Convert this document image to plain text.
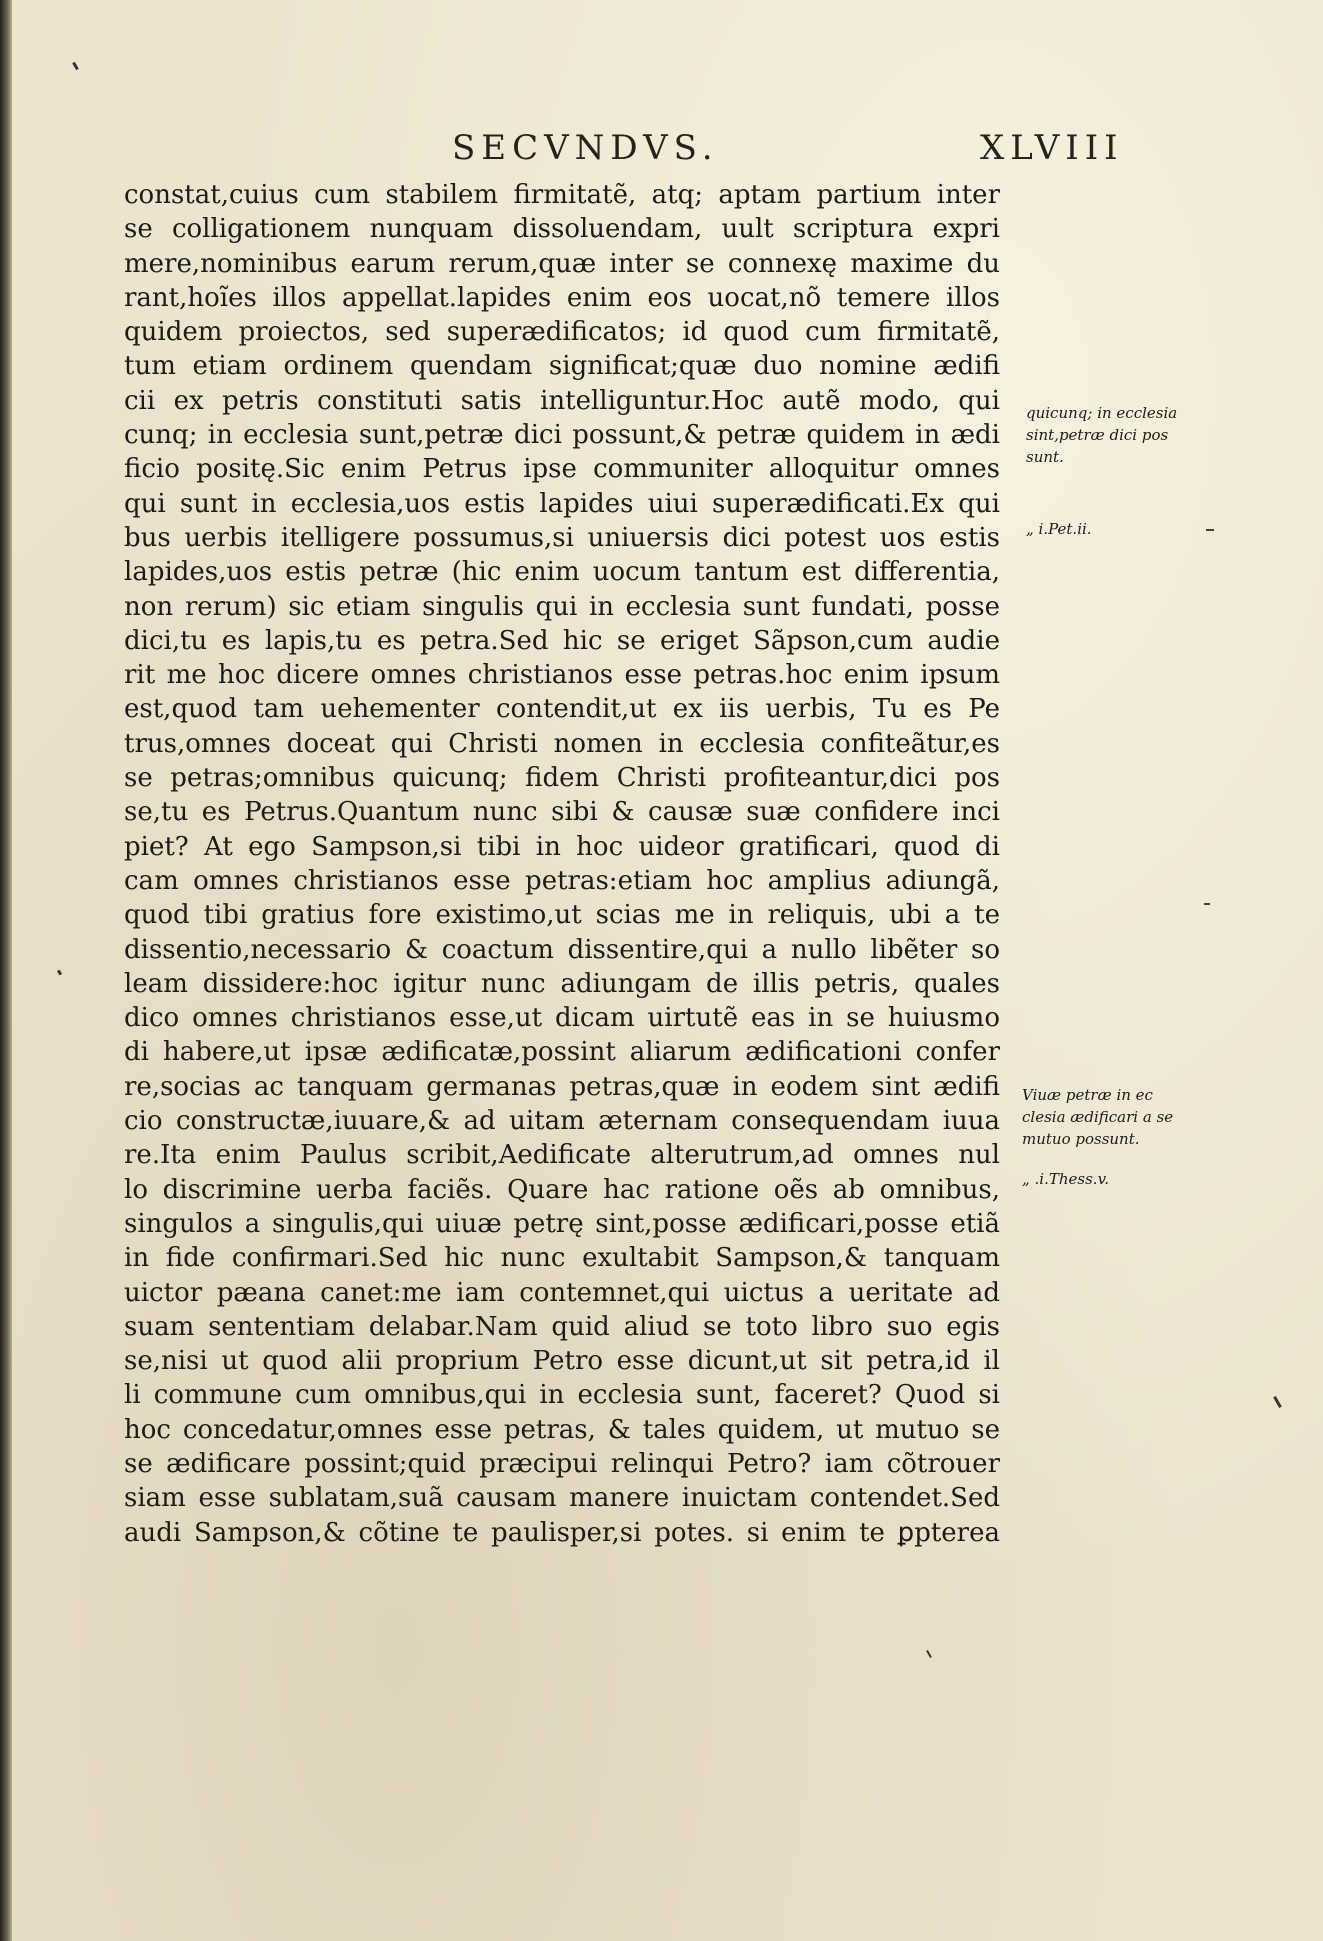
SECVNDVS.	XLVIII
constat,cuius cum stabilem firmitatẽ, atq; aptam partium inter
se colligationem nunquam dissoluendam, uult scriptura expri
mere,nominibus earum rerum,quæ inter se connexę maxime du
rant,hoĩes illos appellat.lapides enim eos uocat,nõ temere illos
quidem proiectos, sed superædificatos; id quod cum firmitatẽ,
tum etiam ordinem quendam significat;quæ duo nomine ædifi
cii ex petris constituti satis intelliguntur.Hoc autẽ modo, qui
cunq; in ecclesia sunt,petræ dici possunt,& petræ quidem in ædi
ficio positę.Sic enim Petrus ipse communiter alloquitur omnes
qui sunt in ecclesia,uos estis lapides uiui superædificati.Ex qui
bus uerbis itelligere possumus,si uniuersis dici potest uos estis
lapides,uos estis petræ (hic enim uocum tantum est differentia,
non rerum) sic etiam singulis qui in ecclesia sunt fundati, posse
dici,tu es lapis,tu es petra.Sed hic se eriget Sãpson,cum audie
rit me hoc dicere omnes christianos esse petras.hoc enim ipsum
est,quod tam uehementer contendit,ut ex iis uerbis, Tu es Pe
trus,omnes doceat qui Christi nomen in ecclesia confiteãtur,es
se petras;omnibus quicunq; fidem Christi profiteantur,dici pos
se,tu es Petrus.Quantum nunc sibi & causæ suæ confidere inci
piet? At ego Sampson,si tibi in hoc uideor gratificari, quod di
cam omnes christianos esse petras:etiam hoc amplius adiungã,
quod tibi gratius fore existimo,ut scias me in reliquis, ubi a te
dissentio,necessario & coactum dissentire,qui a nullo libẽter so
leam dissidere:hoc igitur nunc adiungam de illis petris, quales
dico omnes christianos esse,ut dicam uirtutẽ eas in se huiusmo
di habere,ut ipsæ ædificatæ,possint aliarum ædificationi confer
re,socias ac tanquam germanas petras,quæ in eodem sint ædifi
cio constructæ,iuuare,& ad uitam æternam consequendam iuua
re.Ita enim Paulus scribit,Aedificate alterutrum,ad omnes nul
lo discrimine uerba faciẽs. Quare hac ratione oẽs ab omnibus,
singulos a singulis,qui uiuæ petrę sint,posse ædificari,posse etiã
in fide confirmari.Sed hic nunc exultabit Sampson,& tanquam
uictor pæana canet:me iam contemnet,qui uictus a ueritate ad
suam sententiam delabar.Nam quid aliud se toto libro suo egis
se,nisi ut quod alii proprium Petro esse dicunt,ut sit petra,id il
li commune cum omnibus,qui in ecclesia sunt, faceret? Quod si
hoc concedatur,omnes esse petras, & tales quidem, ut mutuo se
se ædificare possint;quid præcipui relinqui Petro? iam cõtrouer
siam esse sublatam,suã causam manere inuictam contendet.Sed
audi Sampson,& cõtine te paulisper,si potes. si enim te ꝑpterea
quicunq; in ecclesia
sint,petræ dici pos
sunt.
„ i.Pet.ii.
Viuæ petræ in ec
clesia ædificari a se
mutuo possunt.
„ .i.Thess.v.
